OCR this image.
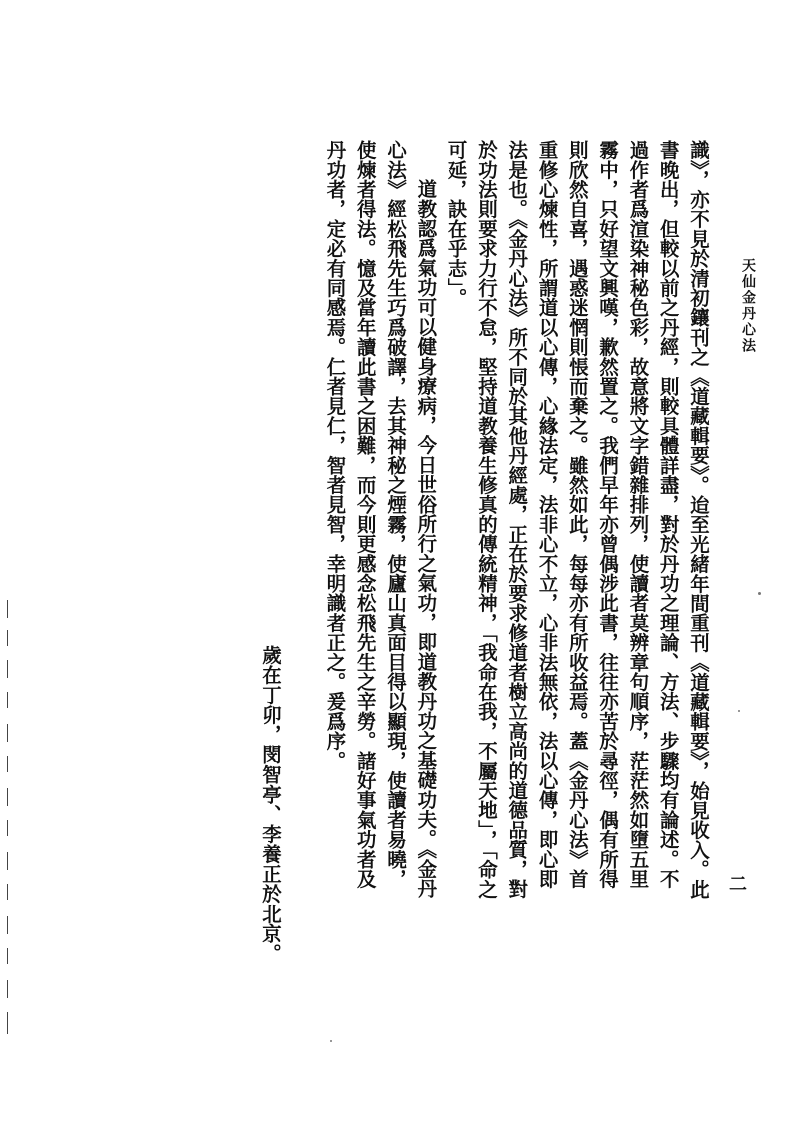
天仙金丹心法
二

識》，亦不見於清初鑲刊之《道藏輯要》。迨至光緒年間重刊《道藏輯要》，始見收入。此書晚出，但較以前之丹經，則較具體詳盡，對於丹功之理論、方法、步驟均有論述。不過作者爲渲染神秘色彩，故意將文字錯雜排列，使讀者莫辨章句順序，茫茫然如墮五里霧中，只好望文興嘆，歉然置之。我們早年亦曾偶涉此書，往往亦苦於尋徑，偶有所得則欣然自喜，遇惑迷惘則悵而棄之。雖然如此，每每亦有所收益焉。蓋《金丹心法》首重修心煉性，所謂道以心傳，心緣法定，法非心不立，心非法無依，法以心傳，即心即法是也。《金丹心法》所不同於其他丹經處，正在於要求修道者樹立高尚的道德品質，對於功法則要求力行不怠，堅持道教養生修真的傳統精神，「我命在我，不屬天地」，「命之可延，訣在乎志」。

道教認爲氣功可以健身療病，今日世俗所行之氣功，即道教丹功之基礎功夫。《金丹心法》經松飛先生巧爲破譯，去其神秘之煙霧，使廬山真面目得以顯現，使讀者易曉，使煉者得法。憶及當年讀此書之困難，而今則更感念松飛先生之辛勞。諸好事氣功者及丹功者，定必有同感焉。仁者見仁，智者見智，幸明識者正之。爰爲序。

歲在丁卯，閔智亭、李養正於北京。
